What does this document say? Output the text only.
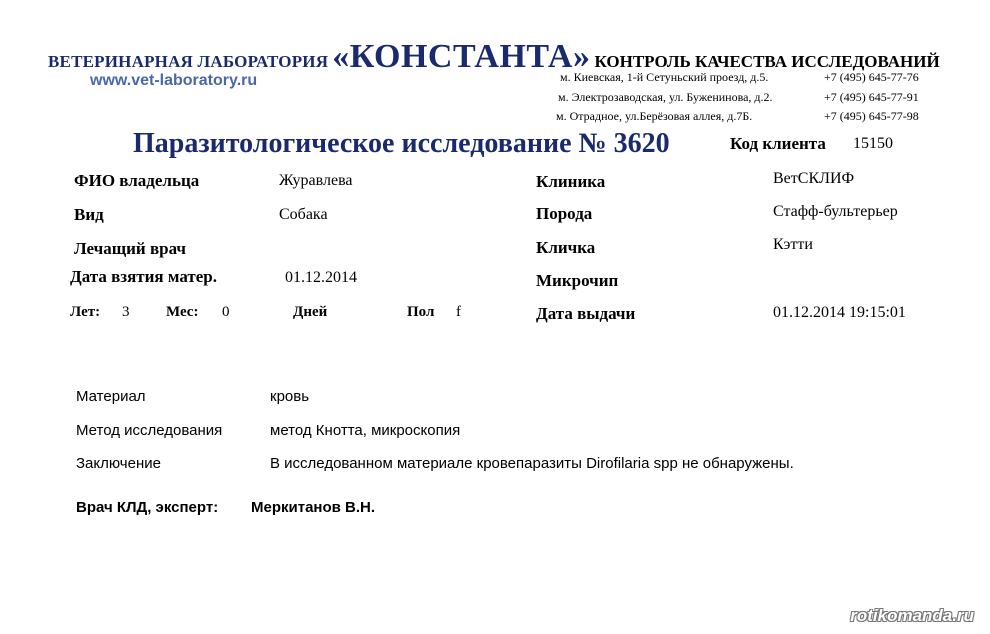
ВЕТЕРИНАРНАЯ ЛАБОРАТОРИЯ «КОНСТАНТА» КОНТРОЛЬ КАЧЕСТВА ИССЛЕДОВАНИЙ
www.vet-laboratory.ru	м. Киевская, 1-й Сетуньский проезд, д.5.	+7 (495) 645-77-76
м. Электрозаводская, ул. Буженинова, д.2.	+7 (495) 645-77-91
м. Отрадное, ул.Берёзовая аллея, д.7Б.	+7 (495) 645-77-98
Паразитологическое исследование № 3620	Код клиента 15150
ФИО владельца	Журавлева
Вид	Собака
Лечащий врач
Дата взятия матер.	01.12.2014
Лет: 3 Мес: 0	Дней	Пол f
Клиника	ВетСКЛИФ
Порода	Стафф-бультерьер
Кличка	Кэтти
Микрочип
Дата выдачи	01.12.2014 19:15:01
Материал	кровь
Метод исследования	метод Кнотта, микроскопия
Заключение	В исследованном материале кровепаразиты Dirofilaria spp не обнаружены.
Врач КЛД, эксперт: Меркитанов В.Н.
rotikomanda.ru
